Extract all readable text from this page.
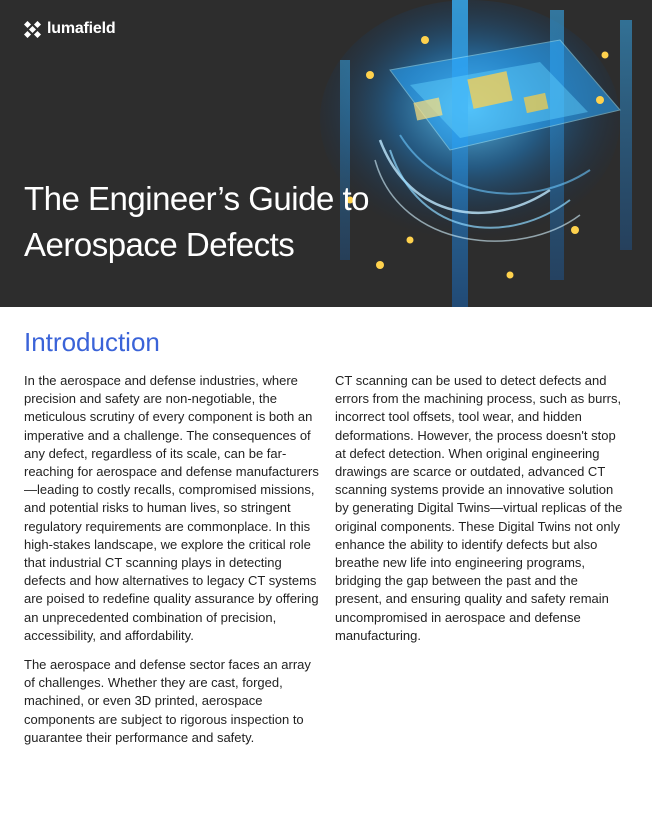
lumafield
The Engineer’s Guide to
Aerospace Defects
Introduction

In the aerospace and defense industries, where precision and safety are non-negotiable, the meticulous scrutiny of every component is both an imperative and a challenge. The consequences of any defect, regardless of its scale, can be far-reaching for aerospace and defense manufacturers—leading to costly recalls, compromised missions, and potential risks to human lives, so stringent regulatory requirements are commonplace. In this high-stakes landscape, we explore the critical role that industrial CT scanning plays in detecting defects and how alternatives to legacy CT systems are poised to redefine quality assurance by offering an unprecedented combination of precision, accessibility, and affordability.

The aerospace and defense sector faces an array of challenges. Whether they are cast, forged, machined, or even 3D printed, aerospace components are subject to rigorous inspection to guarantee their performance and safety.

CT scanning can be used to detect defects and errors from the machining process, such as burrs, incorrect tool offsets, tool wear, and hidden deformations. However, the process doesn't stop at defect detection. When original engineering drawings are scarce or outdated, advanced CT scanning systems provide an innovative solution by generating Digital Twins—virtual replicas of the original components. These Digital Twins not only enhance the ability to identify defects but also breathe new life into engineering programs, bridging the gap between the past and the present, and ensuring quality and safety remain uncompromised in aerospace and defense manufacturing.
